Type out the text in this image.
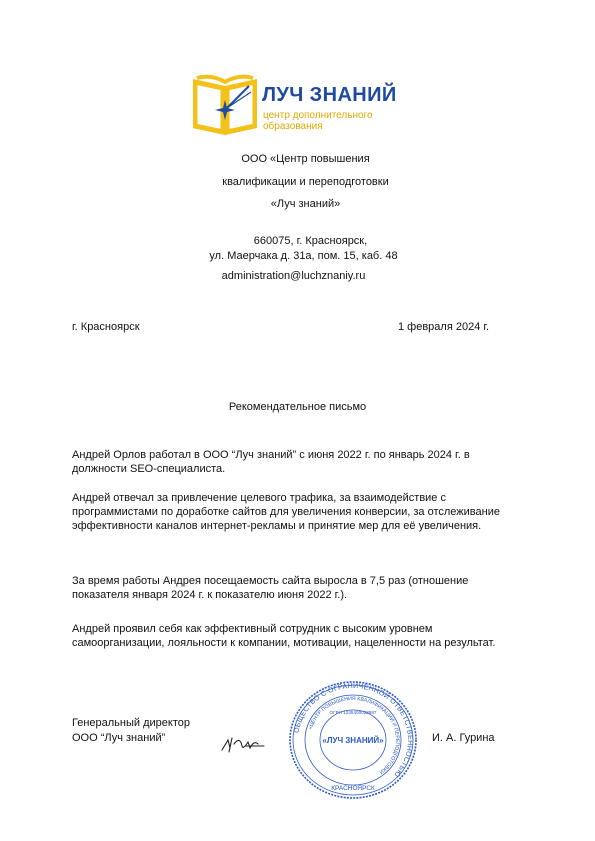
ЛУЧ ЗНАНИЙ
центр дополнительного
образования
ООО «Центр повышения
квалификации и переподготовки
«Луч знаний»
660075, г. Красноярск,
ул. Маерчака д. 31а, пом. 15, каб. 48
administration@luchznaniy.ru
г. Красноярск	1 февраля 2024 г.
Рекомендательное письмо
Андрей Орлов работал в ООО “Луч знаний” с июня 2022 г. по январь 2024 г. в должности SEO-специалиста.
Андрей отвечал за привлечение целевого трафика, за взаимодействие с программистами по доработке сайтов для увеличения конверсии, за отслеживание эффективности каналов интернет-рекламы и принятие мер для её увеличения.
За время работы Андрея посещаемость сайта выросла в 7,5 раз (отношение показателя января 2024 г. к показателю июня 2022 г.).
Андрей проявил себя как эффективный сотрудник с высоким уровнем самоорганизации, лояльности к компании, мотивации, нацеленности на результат.
Генеральный директор
ООО “Луч знаний”	И. А. Гурина
ОБЩЕСТВО С ОГРАНИЧЕННОЙ ОТВЕТСТВЕННОСТЬЮ
«ЦЕНТР ПОВЫШЕНИЯ КВАЛИФИКАЦИИ И ПЕРЕПОДГОТОВКИ
«ЛУЧ ЗНАНИЙ»
КРАСНОЯРСК
ОГРН 1245400023987
